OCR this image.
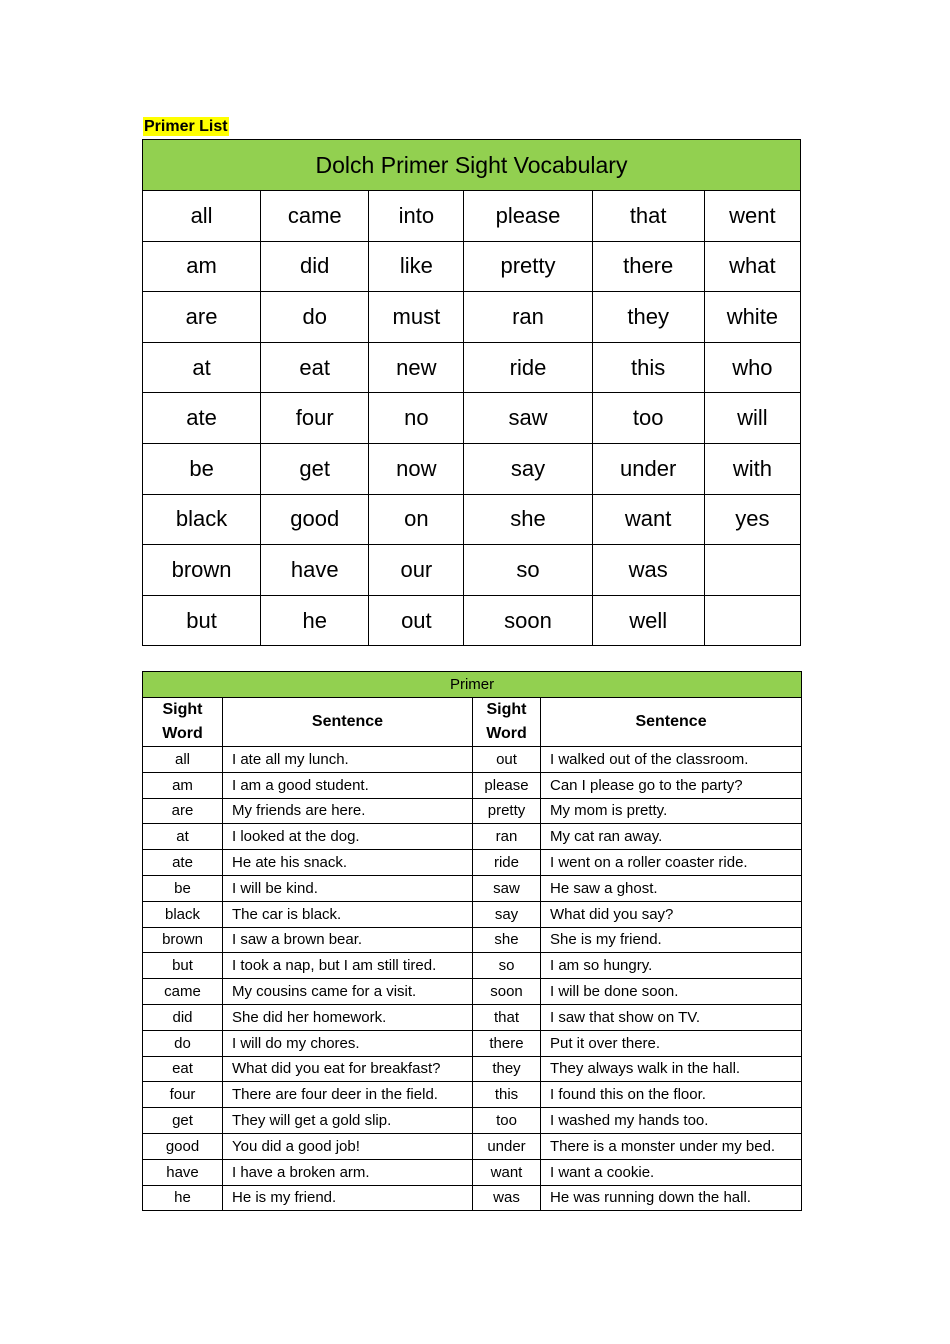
Primer List
Dolch Primer Sight Vocabulary					
all	came	into	please	that	went
am	did	like	pretty	there	what
are	do	must	ran	they	white
at	eat	new	ride	this	who
ate	four	no	saw	too	will
be	get	now	say	under	with
black	good	on	she	want	yes
brown	have	our	so	was	
but	he	out	soon	well	
Primer			
Sight Word	Sentence	Sight Word	Sentence
all	I ate all my lunch.	out	I walked out of the classroom.
am	I am a good student.	please	Can I please go to the party?
are	My friends are here.	pretty	My mom is pretty.
at	I looked at the dog.	ran	My cat ran away.
ate	He ate his snack.	ride	I went on a roller coaster ride.
be	I will be kind.	saw	He saw a ghost.
black	The car is black.	say	What did you say?
brown	I saw a brown bear.	she	She is my friend.
but	I took a nap, but I am still tired.	so	I am so hungry.
came	My cousins came for a visit.	soon	I will be done soon.
did	She did her homework.	that	I saw that show on TV.
do	I will do my chores.	there	Put it over there.
eat	What did you eat for breakfast?	they	They always walk in the hall.
four	There are four deer in the field.	this	I found this on the floor.
get	They will get a gold slip.	too	I washed my hands too.
good	You did a good job!	under	There is a monster under my bed.
have	I have a broken arm.	want	I want a cookie.
he	He is my friend.	was	He was running down the hall.
